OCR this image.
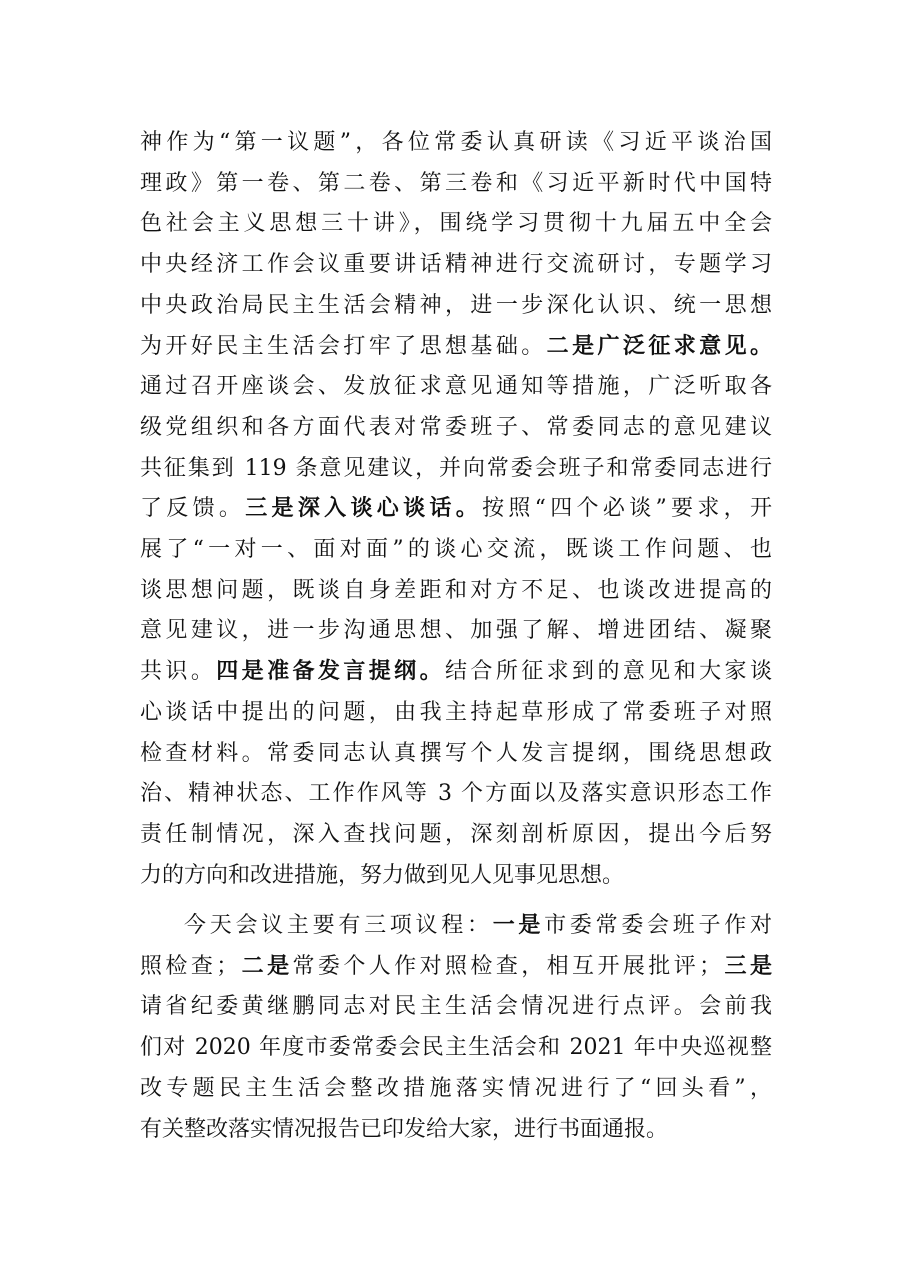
神作为“第一议题”，各位常委认真研读《习近平谈治国
理政》第一卷、第二卷、第三卷和《习近平新时代中国特
色社会主义思想三十讲》，围绕学习贯彻十九届五中全会
中央经济工作会议重要讲话精神进行交流研讨，专题学习
中央政治局民主生活会精神，进一步深化认识、统一思想
为开好民主生活会打牢了思想基础。二是广泛征求意见。
通过召开座谈会、发放征求意见通知等措施，广泛听取各
级党组织和各方面代表对常委班子、常委同志的意见建议
共征集到 119 条意见建议，并向常委会班子和常委同志进行
了反馈。三是深入谈心谈话。按照“四个必谈”要求，开
展了“一对一、面对面”的谈心交流，既谈工作问题、也
谈思想问题，既谈自身差距和对方不足、也谈改进提高的
意见建议，进一步沟通思想、加强了解、增进团结、凝聚
共识。四是准备发言提纲。结合所征求到的意见和大家谈
心谈话中提出的问题，由我主持起草形成了常委班子对照
检查材料。常委同志认真撰写个人发言提纲，围绕思想政
治、精神状态、工作作风等 3 个方面以及落实意识形态工作
责任制情况，深入查找问题，深刻剖析原因，提出今后努
力的方向和改进措施，努力做到见人见事见思想。
今天会议主要有三项议程：一是市委常委会班子作对
照检查；二是常委个人作对照检查，相互开展批评；三是
请省纪委黄继鹏同志对民主生活会情况进行点评。会前我
们对 2020 年度市委常委会民主生活会和 2021 年中央巡视整
改专题民主生活会整改措施落实情况进行了“回头看”，
有关整改落实情况报告已印发给大家，进行书面通报。
